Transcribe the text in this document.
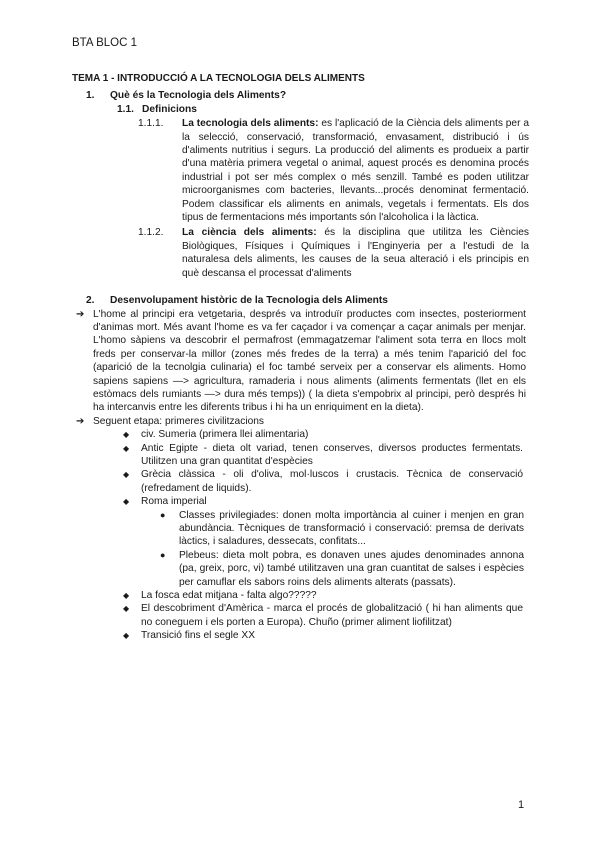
BTA BLOC 1
TEMA 1 - INTRODUCCIÓ A LA TECNOLOGIA DELS ALIMENTS
1.	Què és la Tecnologia dels Aliments?
1.1. Definicions
1.1.1.	La tecnologia dels aliments: es l'aplicació de la Ciència dels aliments per a la selecció, conservació, transformació, envasament, distribució i ús d'aliments nutritius i segurs. La producció del aliments es produeix a partir d'una matèria primera vegetal o animal, aquest procés es denomina procés industrial i pot ser més complex o més senzill. També es poden utilitzar microorganismes com bacteries, llevants...procés denominat fermentació. Podem classificar els aliments en animals, vegetals i fermentats. Els dos tipus de fermentacions més importants són l'alcoholica i la làctica.
1.1.2.	La ciència dels aliments: és la disciplina que utilitza les Ciències Biològiques, Físiques i Químiques i l'Enginyeria per a l'estudi de la naturalesa dels aliments, les causes de la seua alteració i els principis en què descansa el processat d'aliments
2.	Desenvolupament històric de la Tecnologia dels Aliments
➔ L'home al principi era vetgetaria, després va introduïr productes com insectes, posteriorment d'animas mort. Més avant l'home es va fer caçador i va començar a caçar animals per menjar. L'homo sàpiens va descobrir el permafrost (emmagatzemar l'aliment sota terra en llocs molt freds per conservar-la millor (zones més fredes de la terra) a més tenim l'aparició del foc (aparició de la tecnolgia culinaria) el foc també serveix per a conservar els aliments. Homo sapiens sapiens —> agricultura, ramaderia i nous aliments (aliments fermentats (llet en els estòmacs dels rumiants —> dura més temps)) ( la dieta s'empobrix al principi, però després hi ha intercanvis entre les diferents tribus i hi ha un enriquiment en la dieta).
➔ Seguent etapa: primeres civilitzacions
◆	civ. Sumeria (primera llei alimentaria)
◆	Antic Egipte - dieta olt variad, tenen conserves, diversos productes fermentats. Utilitzen una gran quantitat d'espècies
◆	Grècia clàssica - oli d'oliva, mol·luscos i crustacis. Tècnica de conservació (refredament de liquids).
◆	Roma imperial
●	Classes privilegiades: donen molta importància al cuiner i menjen en gran abundància. Tècniques de transformació i conservació: premsa de derivats làctics, i saladures, dessecats, confitats...
●	Plebeus: dieta molt pobra, es donaven unes ajudes denominades annona (pa, greix, porc, vi) també utilitzaven una gran cuantitat de salses i espècies per camuflar els sabors roins dels aliments alterats (passats).
◆	La fosca edat mitjana - falta algo?????
◆	El descobriment d'Amèrica - marca el procés de globalització ( hi han aliments que no coneguem i els porten a Europa). Chuño (primer aliment liofilitzat)
◆	Transició fins el segle XX
1
